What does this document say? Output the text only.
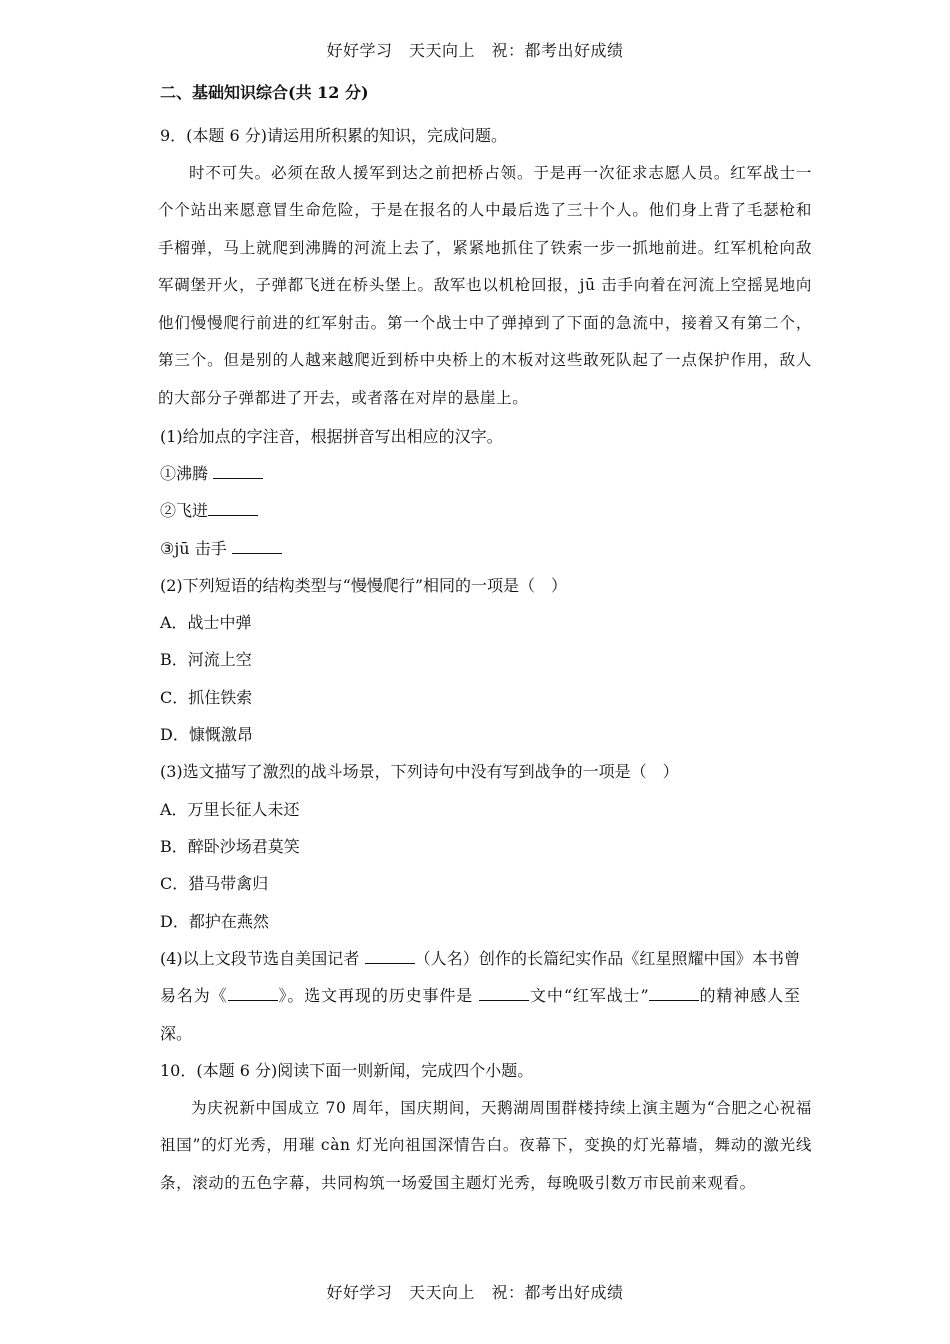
好好学习　天天向上　祝：都考出好成绩
二、基础知识综合(共 12 分)
9．(本题 6 分)请运用所积累的知识，完成问题。
时不可失。必须在敌人援军到达之前把桥占领。于是再一次征求志愿人员。红军战士一个个站出来愿意冒生命危险，于是在报名的人中最后选了三十个人。他们身上背了毛瑟枪和手榴弹，马上就爬到沸腾的河流上去了，紧紧地抓住了铁索一步一抓地前进。红军机枪向敌军碉堡开火，子弹都飞迸在桥头堡上。敌军也以机枪回报，jū 击手向着在河流上空摇晃地向他们慢慢爬行前进的红军射击。第一个战士中了弹掉到了下面的急流中，接着又有第二个，第三个。但是别的人越来越爬近到桥中央桥上的木板对这些敢死队起了一点保护作用，敌人的大部分子弹都进了开去，或者落在对岸的悬崖上。
(1)给加点的字注音，根据拼音写出相应的汉字。
①沸腾
②飞迸
③jū 击手
(2)下列短语的结构类型与“慢慢爬行”相同的一项是（　）
A．战士中弹
B．河流上空
C．抓住铁索
D．慷慨激昂
(3)选文描写了激烈的战斗场景，下列诗句中没有写到战争的一项是（　）
A．万里长征人未还
B．醉卧沙场君莫笑
C．猎马带禽归
D．都护在燕然
(4)以上文段节选自美国记者	（人名）创作的长篇纪实作品《红星照耀中国》本书曾易名为《	》。选文再现的历史事件是	文中“红军战士”	的精神感人至深。
10．(本题 6 分)阅读下面一则新闻，完成四个小题。
为庆祝新中国成立 70 周年，国庆期间，天鹅湖周围群楼持续上演主题为“合肥之心祝福祖国”的灯光秀，用璀 càn 灯光向祖国深情告白。夜幕下，变换的灯光幕墙，舞动的激光线条，滚动的五色字幕，共同构筑一场爱国主题灯光秀，每晚吸引数万市民前来观看。
好好学习　天天向上　祝：都考出好成绩
